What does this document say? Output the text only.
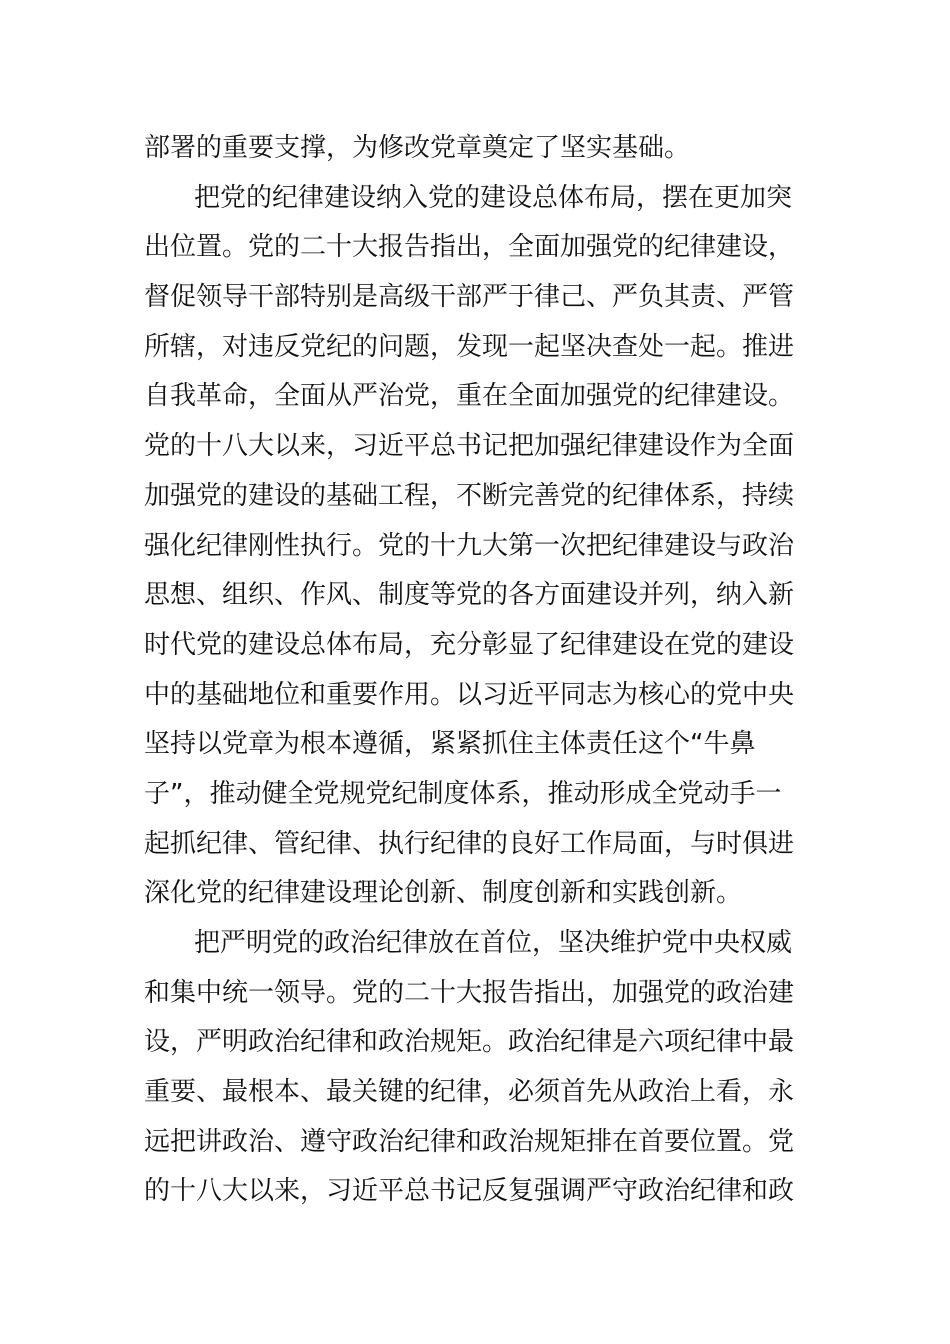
部署的重要支撑，为修改党章奠定了坚实基础。
把党的纪律建设纳入党的建设总体布局，摆在更加突
出位置。党的二十大报告指出，全面加强党的纪律建设，
督促领导干部特别是高级干部严于律己、严负其责、严管
所辖，对违反党纪的问题，发现一起坚决查处一起。推进
自我革命，全面从严治党，重在全面加强党的纪律建设。
党的十八大以来，习近平总书记把加强纪律建设作为全面
加强党的建设的基础工程，不断完善党的纪律体系，持续
强化纪律刚性执行。党的十九大第一次把纪律建设与政治
思想、组织、作风、制度等党的各方面建设并列，纳入新
时代党的建设总体布局，充分彰显了纪律建设在党的建设
中的基础地位和重要作用。以习近平同志为核心的党中央
坚持以党章为根本遵循，紧紧抓住主体责任这个“牛鼻
子”，推动健全党规党纪制度体系，推动形成全党动手一
起抓纪律、管纪律、执行纪律的良好工作局面，与时俱进
深化党的纪律建设理论创新、制度创新和实践创新。
把严明党的政治纪律放在首位，坚决维护党中央权威
和集中统一领导。党的二十大报告指出，加强党的政治建
设，严明政治纪律和政治规矩。政治纪律是六项纪律中最
重要、最根本、最关键的纪律，必须首先从政治上看，永
远把讲政治、遵守政治纪律和政治规矩排在首要位置。党
的十八大以来，习近平总书记反复强调严守政治纪律和政
